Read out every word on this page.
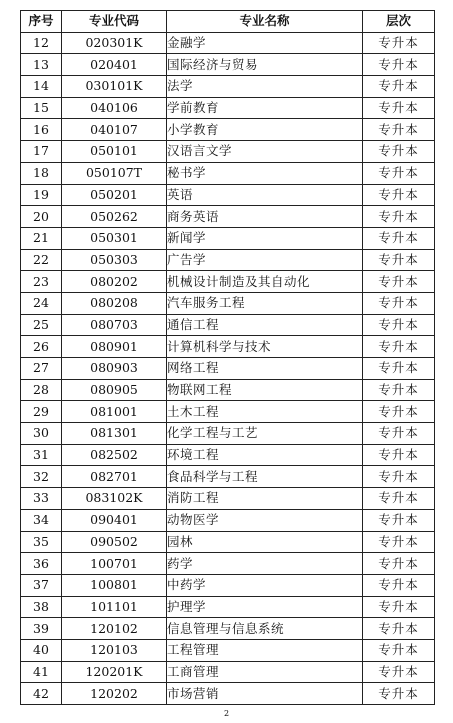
序号	专业代码	专业名称	层次
12	020301K	金融学	专升本
13	020401	国际经济与贸易	专升本
14	030101K	法学	专升本
15	040106	学前教育	专升本
16	040107	小学教育	专升本
17	050101	汉语言文学	专升本
18	050107T	秘书学	专升本
19	050201	英语	专升本
20	050262	商务英语	专升本
21	050301	新闻学	专升本
22	050303	广告学	专升本
23	080202	机械设计制造及其自动化	专升本
24	080208	汽车服务工程	专升本
25	080703	通信工程	专升本
26	080901	计算机科学与技术	专升本
27	080903	网络工程	专升本
28	080905	物联网工程	专升本
29	081001	土木工程	专升本
30	081301	化学工程与工艺	专升本
31	082502	环境工程	专升本
32	082701	食品科学与工程	专升本
33	083102K	消防工程	专升本
34	090401	动物医学	专升本
35	090502	园林	专升本
36	100701	药学	专升本
37	100801	中药学	专升本
38	101101	护理学	专升本
39	120102	信息管理与信息系统	专升本
40	120103	工程管理	专升本
41	120201K	工商管理	专升本
42	120202	市场营销	专升本
2
